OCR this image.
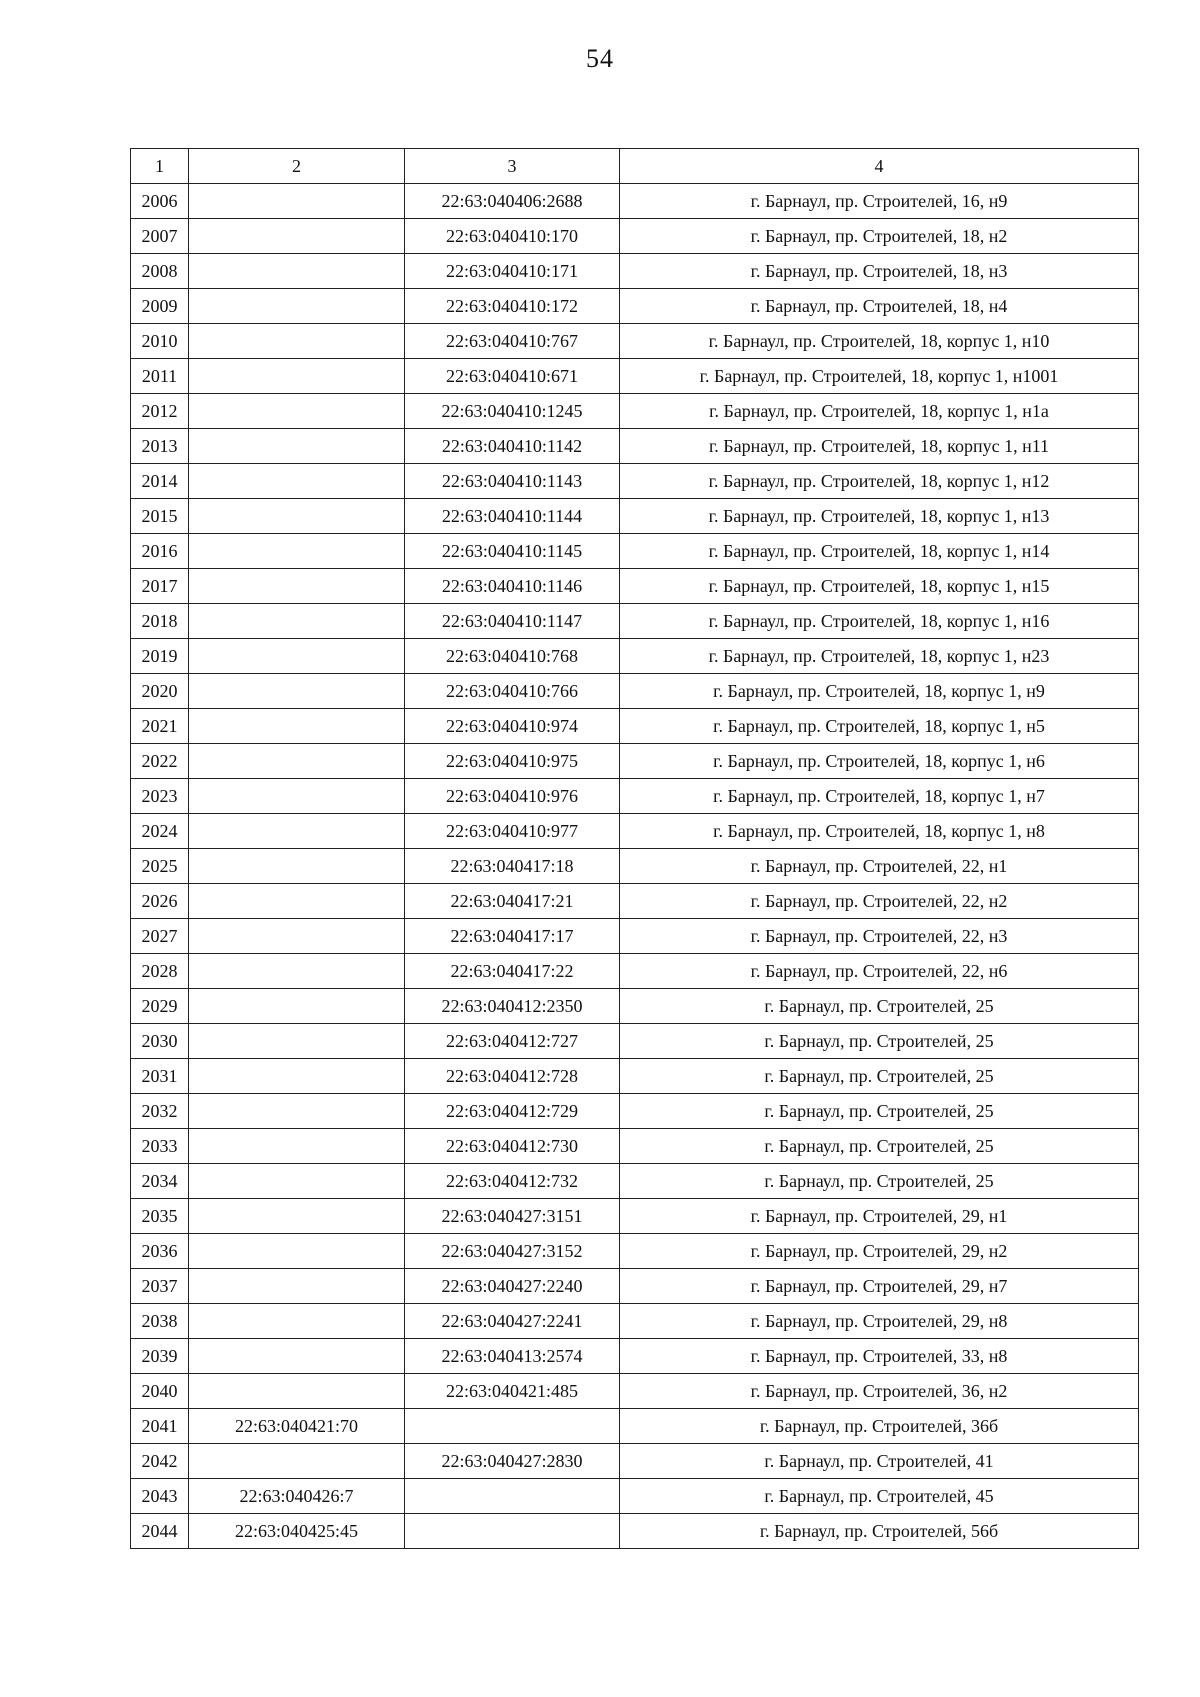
54
1	2	3	4
2006		22:63:040406:2688	г. Барнаул, пр. Строителей, 16, н9
2007		22:63:040410:170	г. Барнаул, пр. Строителей, 18, н2
2008		22:63:040410:171	г. Барнаул, пр. Строителей, 18, н3
2009		22:63:040410:172	г. Барнаул, пр. Строителей, 18, н4
2010		22:63:040410:767	г. Барнаул, пр. Строителей, 18, корпус 1, н10
2011		22:63:040410:671	г. Барнаул, пр. Строителей, 18, корпус 1, н1001
2012		22:63:040410:1245	г. Барнаул, пр. Строителей, 18, корпус 1, н1а
2013		22:63:040410:1142	г. Барнаул, пр. Строителей, 18, корпус 1, н11
2014		22:63:040410:1143	г. Барнаул, пр. Строителей, 18, корпус 1, н12
2015		22:63:040410:1144	г. Барнаул, пр. Строителей, 18, корпус 1, н13
2016		22:63:040410:1145	г. Барнаул, пр. Строителей, 18, корпус 1, н14
2017		22:63:040410:1146	г. Барнаул, пр. Строителей, 18, корпус 1, н15
2018		22:63:040410:1147	г. Барнаул, пр. Строителей, 18, корпус 1, н16
2019		22:63:040410:768	г. Барнаул, пр. Строителей, 18, корпус 1, н23
2020		22:63:040410:766	г. Барнаул, пр. Строителей, 18, корпус 1, н9
2021		22:63:040410:974	г. Барнаул, пр. Строителей, 18, корпус 1, н5
2022		22:63:040410:975	г. Барнаул, пр. Строителей, 18, корпус 1, н6
2023		22:63:040410:976	г. Барнаул, пр. Строителей, 18, корпус 1, н7
2024		22:63:040410:977	г. Барнаул, пр. Строителей, 18, корпус 1, н8
2025		22:63:040417:18	г. Барнаул, пр. Строителей, 22, н1
2026		22:63:040417:21	г. Барнаул, пр. Строителей, 22, н2
2027		22:63:040417:17	г. Барнаул, пр. Строителей, 22, н3
2028		22:63:040417:22	г. Барнаул, пр. Строителей, 22, н6
2029		22:63:040412:2350	г. Барнаул, пр. Строителей, 25
2030		22:63:040412:727	г. Барнаул, пр. Строителей, 25
2031		22:63:040412:728	г. Барнаул, пр. Строителей, 25
2032		22:63:040412:729	г. Барнаул, пр. Строителей, 25
2033		22:63:040412:730	г. Барнаул, пр. Строителей, 25
2034		22:63:040412:732	г. Барнаул, пр. Строителей, 25
2035		22:63:040427:3151	г. Барнаул, пр. Строителей, 29, н1
2036		22:63:040427:3152	г. Барнаул, пр. Строителей, 29, н2
2037		22:63:040427:2240	г. Барнаул, пр. Строителей, 29, н7
2038		22:63:040427:2241	г. Барнаул, пр. Строителей, 29, н8
2039		22:63:040413:2574	г. Барнаул, пр. Строителей, 33, н8
2040		22:63:040421:485	г. Барнаул, пр. Строителей, 36, н2
2041	22:63:040421:70		г. Барнаул, пр. Строителей, 36б
2042		22:63:040427:2830	г. Барнаул, пр. Строителей, 41
2043	22:63:040426:7		г. Барнаул, пр. Строителей, 45
2044	22:63:040425:45		г. Барнаул, пр. Строителей, 56б
